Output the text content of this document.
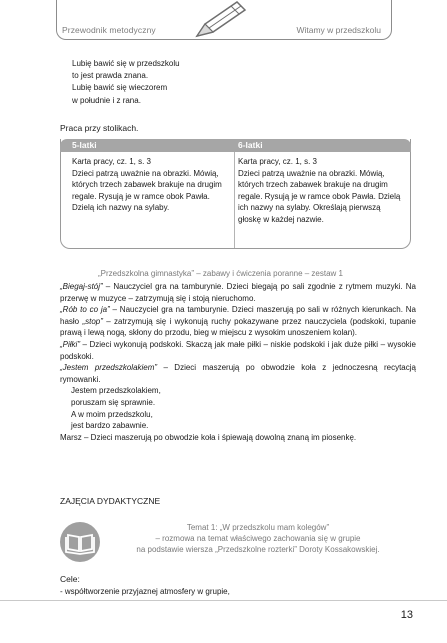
Przewodnik metodyczny	Witamy w przedszkolu
Lubię bawić się w przedszkolu
to jest prawda znana.
Lubię bawić się wieczorem
w południe i z rana.
Praca przy stolikach.
5-latki	6-latki
Karta pracy, cz. 1, s. 3
Dzieci patrzą uważnie na obrazki. Mówią, których trzech zabawek brakuje na drugim regale. Rysują je w ramce obok Pawła. Dzielą ich nazwy na sylaby.
Karta pracy, cz. 1, s. 3
Dzieci patrzą uważnie na obrazki. Mówią, których trzech zabawek brakuje na drugim regale. Rysują je w ramce obok Pawła. Dzielą ich nazwy na sylaby. Określają pierwszą głoskę w każdej nazwie.
„Przedszkolna gimnastyka” – zabawy i ćwiczenia poranne – zestaw 1

„Biegaj-stój” – Nauczyciel gra na tamburynie. Dzieci biegają po sali zgodnie z rytmem muzyki. Na przerwę w muzyce – zatrzymują się i stoją nieruchomo.

„Rób to co ja” – Nauczyciel gra na tamburynie. Dzieci maszerują po sali w różnych kierunkach. Na hasło „stop” – zatrzymują się i wykonują ruchy pokazywane przez nauczyciela (podskoki, tupanie prawą i lewą nogą, skłony do przodu, bieg w miejscu z wysokim unoszeniem kolan).

„Piłki” – Dzieci wykonują podskoki. Skaczą jak małe piłki – niskie podskoki i jak duże piłki – wysokie podskoki.

„Jestem przedszkolakiem” – Dzieci maszerują po obwodzie koła z jednoczesną recytacją rymowanki.

Jestem przedszkolakiem,

poruszam się sprawnie.

A w moim przedszkolu,

jest bardzo zabawnie.

Marsz – Dzieci maszerują po obwodzie koła i śpiewają dowolną znaną im piosenkę.

ZAJĘCIA DYDAKTYCZNE
Temat 1: „W przedszkolu mam kolegów”
– rozmowa na temat właściwego zachowania się w grupie
na podstawie wiersza „Przedszkolne rozterki” Doroty Kossakowskiej.
Cele:
- współtworzenie przyjaznej atmosfery w grupie,
13
